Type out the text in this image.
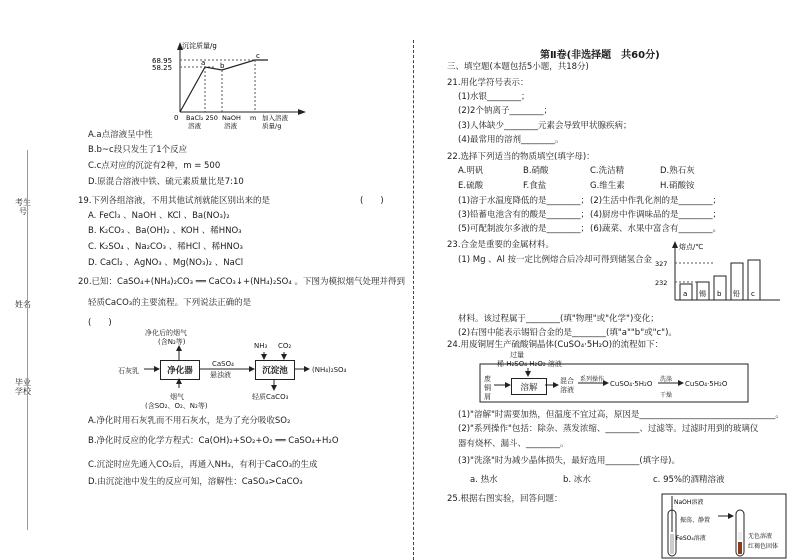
考生号
姓名
毕业学校
沉淀质量/g
68.95
58.25
a b
c
0 BaCl₂ 250
溶液
NaOH
溶液
m 加入溶液
质量/g
A.a点溶液呈中性
B.b~c段只发生了1个反应
C.c点对应的沉淀有2种，m = 500
D.原混合溶液中铁、硫元素质量比是7:10
19.下列各组溶液，不用其他试剂就能区别出来的是	(　　)
A. FeCl₃ 、NaOH 、KCl 、Ba(NO₃)₂
B. K₂CO₃ 、Ba(OH)₂ 、KOH 、稀HNO₃
C. K₂SO₄ 、Na₂CO₃ 、稀HCl 、稀HNO₃
D. CaCl₂ 、AgNO₃ 、Mg(NO₃)₂ 、NaCl
20.已知：CaSO₄+(NH₄)₂CO₃ ══ CaCO₃↓+(NH₄)₂SO₄ 。下图为模拟烟气处理并得到
轻质CaCO₃的主要流程。下列说法正确的是
(　　)
净化后的烟气
(含N₂等)
石灰乳	净化器
CaSO₄
悬浊液
NH₃ CO₂
沉淀池	(NH₄)₂SO₄
烟气
(含SO₂、O₂、N₂等)
轻质CaCO₃
A.净化时用石灰乳而不用石灰水，是为了充分吸收SO₂
B.净化时反应的化学方程式：Ca(OH)₂+SO₂+O₂ ══ CaSO₄+H₂O
C.沉淀时应先通入CO₂后，再通入NH₃，有利于CaCO₃的生成
D.由沉淀池中发生的反应可知，溶解性：CaSO₄>CaCO₃
第Ⅱ卷(非选择题　共60分)
三、填空题(本题包括5小题，共18分)
21.用化学符号表示：
(1)水银________；
(2)2个钠离子________；
(3)人体缺少________元素会导致甲状腺疾病；
(4)最常用的溶剂________。
22.选择下列适当的物质填空(填字母)：
A.明矾	B.硝酸	C.洗洁精	D.熟石灰
E.硫酸	F.食盐	G.维生素	H.硝酸铵
(1)溶于水温度降低的是________； (2)生活中作乳化剂的是________；
(3)铅蓄电池含有的酸是________； (4)厨房中作调味品的是________；
(5)可配制波尔多液的是________； (6)蔬菜、水果中富含有________。
23.合金是重要的金属材料。
(1) Mg 、Al 按一定比例熔合后冷却可得到储氢合金
熔点/℃
327
232
a 锡 b 铅 c
材料。该过程属于________(填"物理"或"化学")变化；
(2)右图中能表示锡铅合金的是________(填"a""b"或"c")。
24.用废铜屑生产硫酸铜晶体(CuSO₄·5H₂O)的流程如下：
过量
稀 H₂SO₄ H₂O₂ 溶液
废
铜
屑
溶解
混合
溶液
系列操作
CuSO₄·5H₂O
洗涤
干燥
CuSO₄·5H₂O
(1)"溶解"时需要加热，但温度不宜过高，原因是________________________________。
(2)"系列操作"包括：除杂、蒸发浓缩、________、过滤等。过滤时用到的玻璃仪
器有烧杯、漏斗、________。
(3)"洗涤"时为减少晶体损失，最好选用________(填字母)。
a. 热水	b. 冰水	c. 95%的酒精溶液
25.根据右图实验，回答问题：	NaOH溶液
振荡、静置
FeSO₄溶液	无色溶液
红褐色固体
